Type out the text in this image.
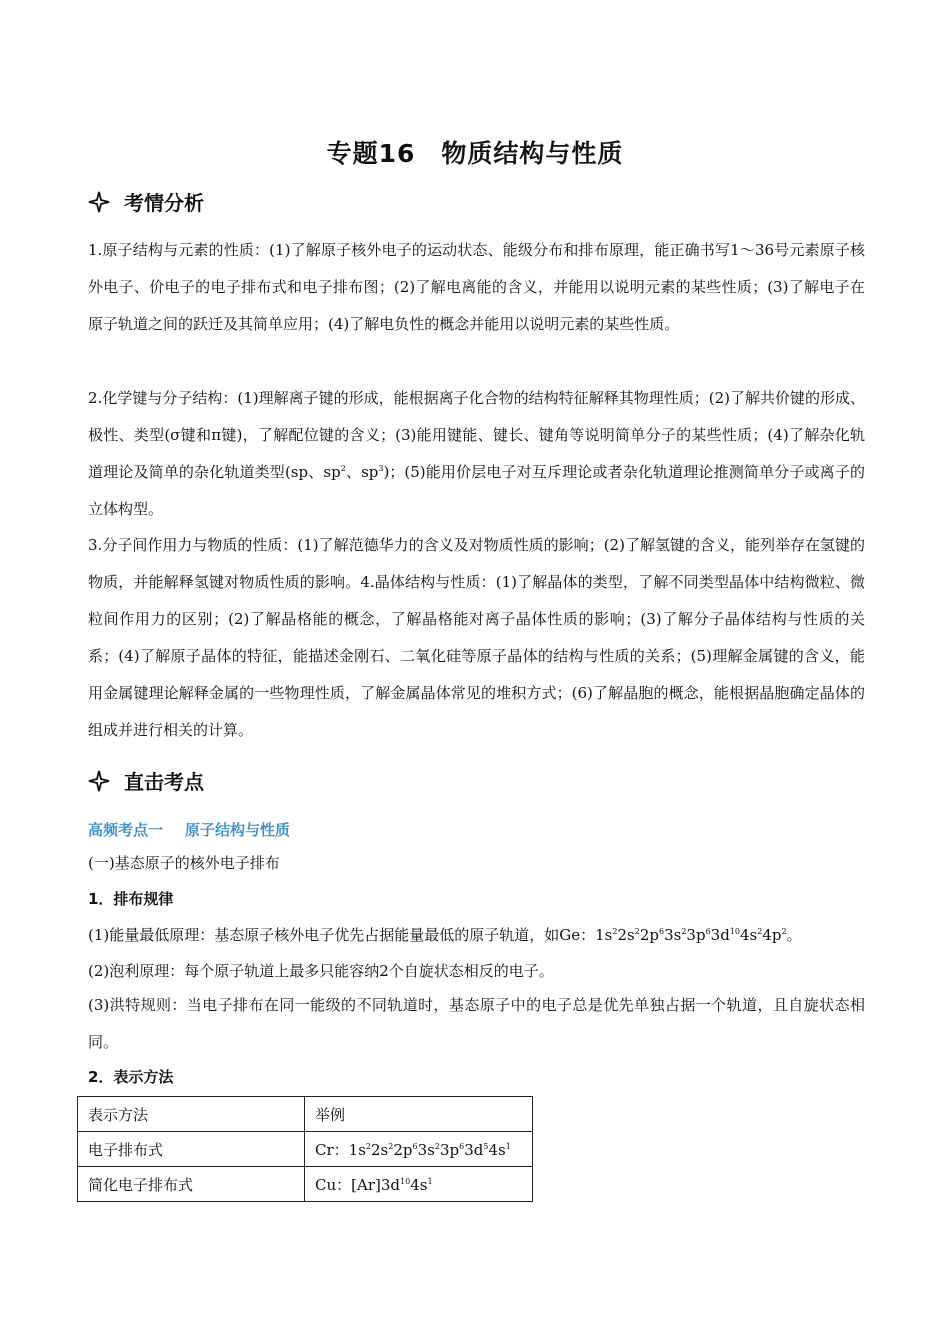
专题16　物质结构与性质
考情分析

1.原子结构与元素的性质：(1)了解原子核外电子的运动状态、能级分布和排布原理，能正确书写1～36号元素原子核外电子、价电子的电子排布式和电子排布图；(2)了解电离能的含义，并能用以说明元素的某些性质；(3)了解电子在原子轨道之间的跃迁及其简单应用；(4)了解电负性的概念并能用以说明元素的某些性质。

2.化学键与分子结构：(1)理解离子键的形成，能根据离子化合物的结构特征解释其物理性质；(2)了解共价键的形成、极性、类型(σ键和π键)，了解配位键的含义；(3)能用键能、键长、键角等说明简单分子的某些性质；(4)了解杂化轨道理论及简单的杂化轨道类型(sp、$sp^2$、$sp^3$)；(5)能用价层电子对互斥理论或者杂化轨道理论推测简单分子或离子的立体构型。

3.分子间作用力与物质的性质：(1)了解范德华力的含义及对物质性质的影响；(2)了解氢键的含义，能列举存在氢键的物质，并能解释氢键对物质性质的影响。4.晶体结构与性质：(1)了解晶体的类型，了解不同类型晶体中结构微粒、微粒间作用力的区别；(2)了解晶格能的概念，了解晶格能对离子晶体性质的影响；(3)了解分子晶体结构与性质的关系；(4)了解原子晶体的特征，能描述金刚石、二氧化硅等原子晶体的结构与性质的关系；(5)理解金属键的含义，能用金属键理论解释金属的一些物理性质，了解金属晶体常见的堆积方式；(6)了解晶胞的概念，能根据晶胞确定晶体的组成并进行相关的计算。

直击考点
高频考点一 原子结构与性质
(一)基态原子的核外电子排布
1．排布规律
(1)能量最低原理：基态原子核外电子优先占据能量最低的原子轨道，如Ge：$1s^22s^22p^63s^23p^63d^{10}4s^24p^2$。
(2)泡利原理：每个原子轨道上最多只能容纳2个自旋状态相反的电子。

(3)洪特规则：当电子排布在同一能级的不同轨道时，基态原子中的电子总是优先单独占据一个轨道，且自旋状态相同。

2．表示方法
表示方法	举例
电子排布式	Cr：$1s^22s^22p^63s^23p^63d^54s^1$
简化电子排布式	Cu：$[Ar]3d^{10}4s^1$
